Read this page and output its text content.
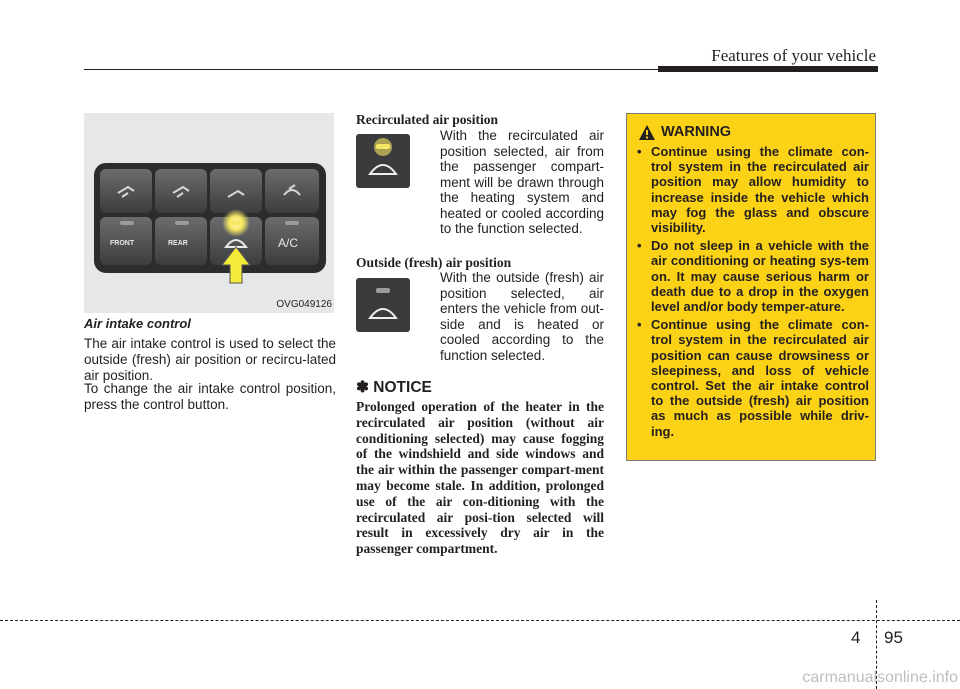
Features of your vehicle
FRONT	REAR	A/C
OVG049126
Air intake control
The air intake control is used to select the outside (fresh) air position or recircu-lated air position.
To change the air intake control position, press the control button.
Recirculated air position
With the recirculated air position selected, air from the passenger compart-ment will be drawn through the heating system and heated or cooled according to the function selected.
Outside (fresh) air position
With the outside (fresh) air position selected, air enters the vehicle from out-side and is heated or cooled according to the function selected.
✽ NOTICE
Prolonged operation of the heater in the recirculated air position (without air conditioning selected) may cause fogging of the windshield and side windows and the air within the passenger compart-ment may become stale. In addition, prolonged use of the air con-ditioning with the recirculated air posi-tion selected will result in excessively dry air in the passenger compartment.
WARNING
• Continue using the climate con-trol system in the recirculated air position may allow humidity to increase inside the vehicle which may fog the glass and obscure visibility.
• Do not sleep in a vehicle with the air conditioning or heating sys-tem on. It may cause serious harm or death due to a drop in the oxygen level and/or body temper-ature.
• Continue using the climate con-trol system in the recirculated air position can cause drowsiness or sleepiness, and loss of vehicle control. Set the air intake control to the outside (fresh) air position as much as possible while driv-ing.
4 95
carmanualsonline.info
